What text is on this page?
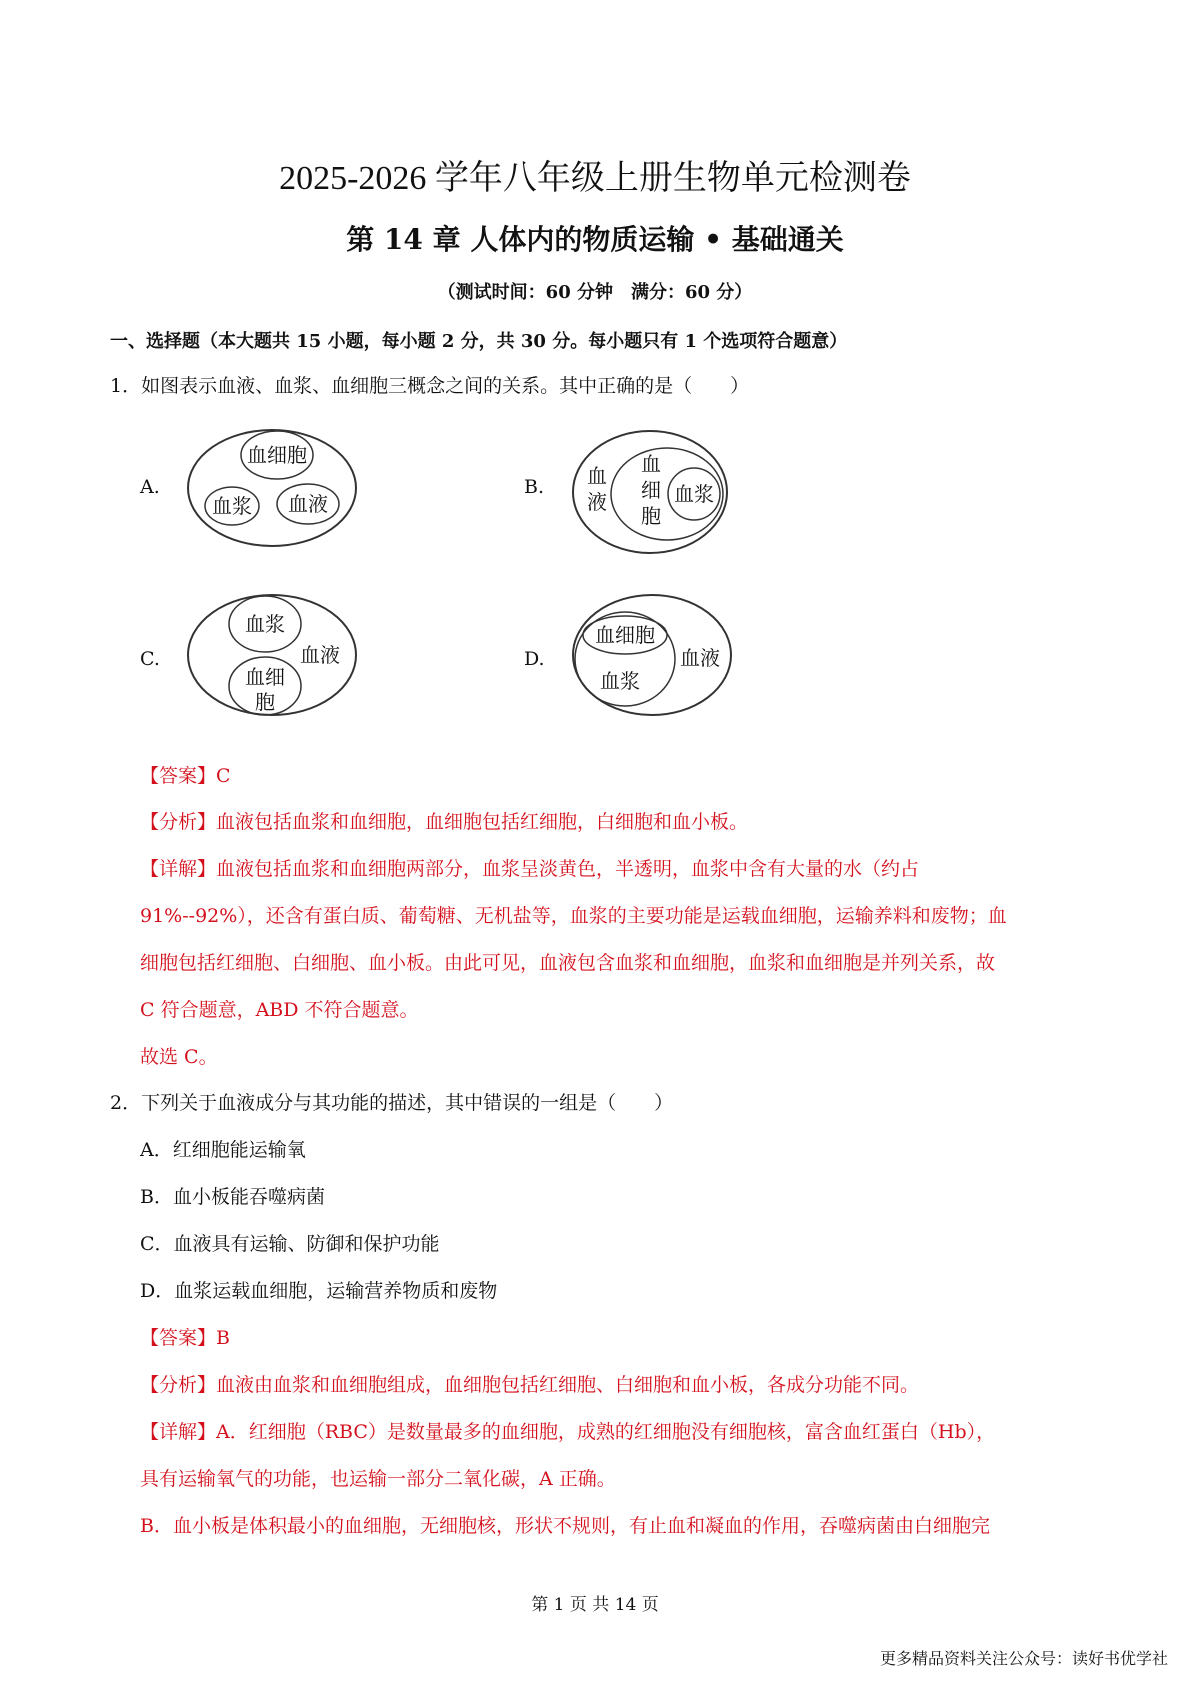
2025-2026 学年八年级上册生物单元检测卷
第 14 章 人体内的物质运输 • 基础通关
（测试时间：60 分钟　满分：60 分）
一、选择题（本大题共 15 小题，每小题 2 分，共 30 分。每小题只有 1 个选项符合题意）
1．如图表示血液、血浆、血细胞三概念之间的关系。其中正确的是（　　）
A.
血细胞
血浆 血液
B. 血
液
血
细
胞
血浆
C.
血浆
血液
血细
胞
D.
血细胞
血浆
血液
【答案】C
【分析】血液包括血浆和血细胞，血细胞包括红细胞，白细胞和血小板。
【详解】血液包括血浆和血细胞两部分，血浆呈淡黄色，半透明，血浆中含有大量的水（约占
91%--92%），还含有蛋白质、葡萄糖、无机盐等，血浆的主要功能是运载血细胞，运输养料和废物；血
细胞包括红细胞、白细胞、血小板。由此可见，血液包含血浆和血细胞，血浆和血细胞是并列关系，故
C 符合题意，ABD 不符合题意。
故选 C。
2．下列关于血液成分与其功能的描述，其中错误的一组是（　　）
A．红细胞能运输氧
B．血小板能吞噬病菌
C．血液具有运输、防御和保护功能
D．血浆运载血细胞，运输营养物质和废物
【答案】B
【分析】血液由血浆和血细胞组成，血细胞包括红细胞、白细胞和血小板，各成分功能不同。
【详解】A．红细胞（RBC）是数量最多的血细胞，成熟的红细胞没有细胞核，富含血红蛋白（Hb），
具有运输氧气的功能，也运输一部分二氧化碳，A 正确。
B．血小板是体积最小的血细胞，无细胞核，形状不规则，有止血和凝血的作用，吞噬病菌由白细胞完
第 1 页 共 14 页
更多精品资料关注公众号：读好书优学社
